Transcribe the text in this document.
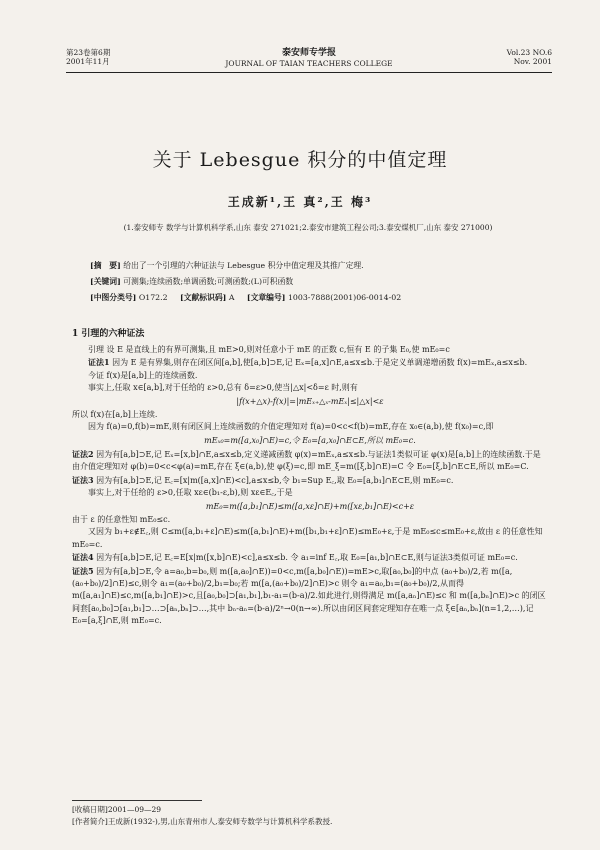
第23卷第6期
2001年11月
泰安师专学报
JOURNAL OF TAIAN TEACHERS COLLEGE
Vol.23 NO.6
Nov. 2001
关于 Lebesgue 积分的中值定理
王成新¹,王 真²,王 梅³
(1.泰安师专 数学与计算机科学系,山东 泰安 271021;2.泰安市建筑工程公司;3.泰安煤机厂,山东 泰安 271000)
[摘　要] 给出了一个引理的六种证法与 Lebesgue 积分中值定理及其推广定理.
[关键词] 可测集;连续函数;单调函数;可测函数;(L)可积函数
[中图分类号] O172.2 [文献标识码] A [文章编号] 1003-7888(2001)06-0014-02

1 引理的六种证法

引理 设 E 是直线上的有界可测集,且 mE>0,则对任意小于 mE 的正数 c,恒有 E 的子集 E₀,使 mE₀=c

证法1 因为 E 是有界集,则存在闭区间[a,b],使[a,b]⊃E,记 Eₓ=[a,x]∩E,a≤x≤b.于是定义单调递增函数 f(x)=mEₓ,a≤x≤b.

今证 f(x)是[a,b]上的连续函数.

事实上,任取 x∈[a,b],对于任给的 ε>0,总有 δ=ε>0,使当|△x|<δ=ε 时,则有

|f(x+△x)-f(x)|=|mEₓ₊△ₓ-mEₓ|≤|△x|<ε

所以 f(x)在[a,b]上连续.

因为 f(a)=0,f(b)=mE,则有闭区间上连续函数的介值定理知对 f(a)=0<c<f(b)=mE,存在 x₀∈(a,b),使 f(x₀)=c,即

mEₓ₀=m([a,x₀]∩E)=c,令 E₀=[a,x₀]∩E⊂E,所以 mE₀=c.

证法2 因为有[a,b]⊃E,记 Eₓ=[x,b]∩E,a≤x≤b,定义递减函数 φ(x)=mEₓ,a≤x≤b.与证法1类似可证 φ(x)是[a,b]上的连续函数.于是由介值定理知对 φ(b)=0<c<φ(a)=mE,存在 ξ∈(a,b),使 φ(ξ)=c,即 mE_ξ=m([ξ,b]∩E)=C 令 E₀=[ξ,b]∩E⊂E,所以 mE₀=C.

证法3 因为有[a,b]⊃E,记 E꜀=[x|m([a,x]∩E)<c],a≤x≤b,令 b₁=Sup E꜀,取 E₀=[a,b₁]∩E⊂E,则 mE₀=c.

事实上,对于任给的 ε>0,任取 xε∈(b₁-ε,b),则 xε∈E꜀,于是

mE₀=m([a,b₁]∩E)≤m([a,xε]∩E)+m([xε,b₁]∩E)<c+ε

由于 ε 的任意性知 mE₀≤c.

又因为 b₁+ε∉E꜀,则 C≤m([a,b₁+ε]∩E)≤m([a,b₁]∩E)+m([b₁,b₁+ε]∩E)≤mE₀+ε,于是 mE₀≤c≤mE₀+ε,故由 ε 的任意性知 mE₀=c.

证法4 因为有[a,b]⊃E,记 E꜀=E[x|m([x,b]∩E)<c],a≤x≤b. 令 a₁=inf E꜀,取 E₀=[a₁,b]∩E⊂E,则与证法3类似可证 mE₀=c.

证法5 因为有[a,b]⊃E,令 a=a₀,b=b₀,则 m([a,a₀]∩E))=0<c,m([a,b₀]∩E))=mE>c,取[a₀,b₀]的中点 (a₀+b₀)/2,若 m([a,(a₀+b₀)/2]∩E)≤c,则令 a₁=(a₀+b₀)/2,b₁=b₀;若 m([a,(a₀+b₀)/2]∩E)>c 则令 a₁=a₀,b₁=(a₀+b₀)/2,从而得 m([a,a₁]∩E)≤c,m([a,b₁]∩E)>c,且[a₀,b₀]⊃[a₁,b₁],b₁-a₁=(b-a)/2.如此进行,则得满足 m([a,aₙ]∩E)≤c 和 m([a,bₙ]∩E)>c 的闭区间套[a₀,b₀]⊃[a₁,b₁]⊃…⊃[aₙ,bₙ]⊃…,其中 bₙ-aₙ=(b-a)/2ⁿ→0(n→∞).所以由闭区间套定理知存在唯一点 ξ∈[aₙ,bₙ](n=1,2,…),记 E₀=[a,ξ]∩E,则 mE₀=c.

[收稿日期]2001—09—29
[作者简介]王成新(1932-),男,山东青州市人,泰安师专数学与计算机科学系教授.
